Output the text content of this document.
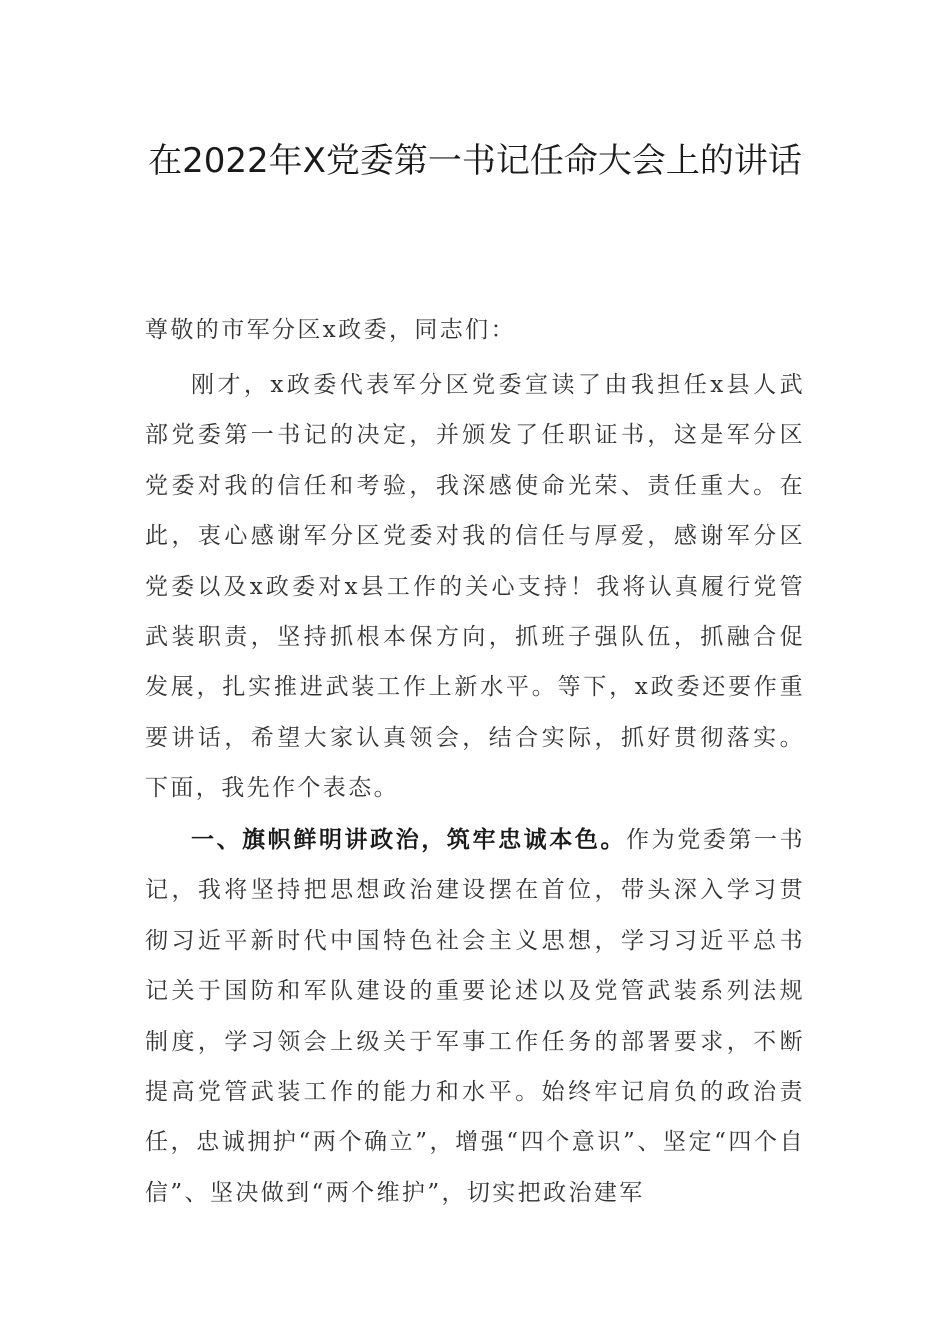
在2022年X党委第一书记任命大会上的讲话

尊敬的市军分区x政委，同志们：

刚才，x政委代表军分区党委宣读了由我担任x县人武部党委第一书记的决定，并颁发了任职证书，这是军分区党委对我的信任和考验，我深感使命光荣、责任重大。在此，衷心感谢军分区党委对我的信任与厚爱，感谢军分区党委以及x政委对x县工作的关心支持！我将认真履行党管武装职责，坚持抓根本保方向，抓班子强队伍，抓融合促发展，扎实推进武装工作上新水平。等下，x政委还要作重要讲话，希望大家认真领会，结合实际，抓好贯彻落实。下面，我先作个表态。

一、旗帜鲜明讲政治，筑牢忠诚本色。作为党委第一书记，我将坚持把思想政治建设摆在首位，带头深入学习贯彻习近平新时代中国特色社会主义思想，学习习近平总书记关于国防和军队建设的重要论述以及党管武装系列法规制度，学习领会上级关于军事工作任务的部署要求，不断提高党管武装工作的能力和水平。始终牢记肩负的政治责任，忠诚拥护“两个确立”，增强“四个意识”、坚定“四个自信”、坚决做到“两个维护”，切实把政治建军
